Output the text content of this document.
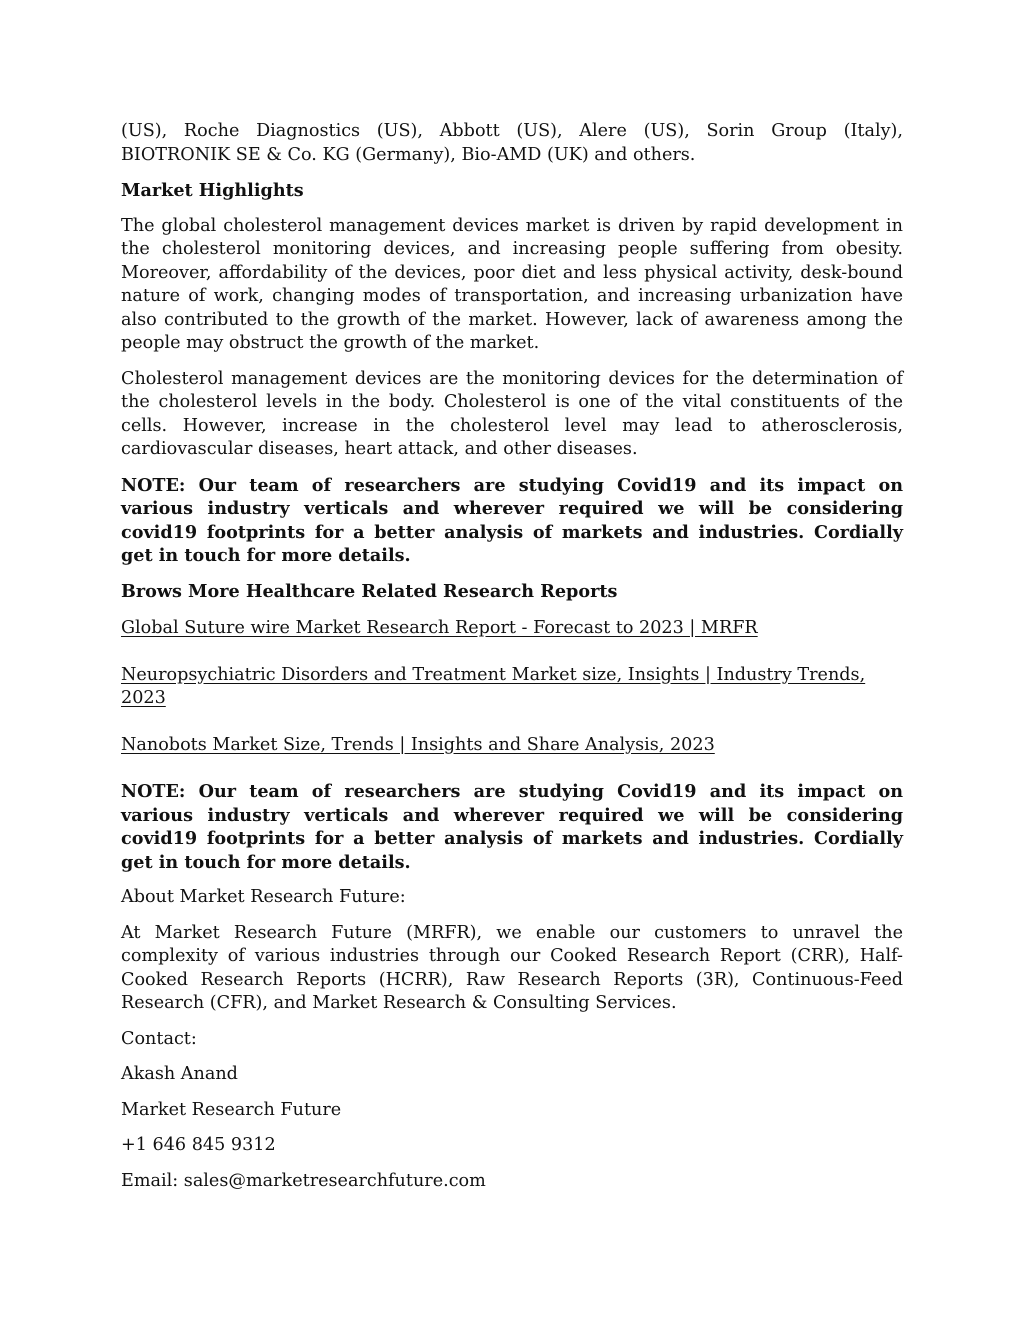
(US), Roche Diagnostics (US), Abbott (US), Alere (US), Sorin Group (Italy), BIOTRONIK SE & Co. KG (Germany), Bio-AMD (UK) and others.

Market Highlights

The global cholesterol management devices market is driven by rapid development in the cholesterol monitoring devices, and increasing people suffering from obesity. Moreover, affordability of the devices, poor diet and less physical activity, desk-bound nature of work, changing modes of transportation, and increasing urbanization have also contributed to the growth of the market. However, lack of awareness among the people may obstruct the growth of the market.

Cholesterol management devices are the monitoring devices for the determination of the cholesterol levels in the body. Cholesterol is one of the vital constituents of the cells. However, increase in the cholesterol level may lead to atherosclerosis, cardiovascular diseases, heart attack, and other diseases.

NOTE: Our team of researchers are studying Covid19 and its impact on various industry verticals and wherever required we will be considering covid19 footprints for a better analysis of markets and industries. Cordially get in touch for more details.

Brows More Healthcare Related Research Reports

Global Suture wire Market Research Report - Forecast to 2023 | MRFR
Neuropsychiatric Disorders and Treatment Market size, Insights | Industry Trends, 2023
Nanobots Market Size, Trends | Insights and Share Analysis, 2023

NOTE: Our team of researchers are studying Covid19 and its impact on various industry verticals and wherever required we will be considering covid19 footprints for a better analysis of markets and industries. Cordially get in touch for more details.

About Market Research Future:

At Market Research Future (MRFR), we enable our customers to unravel the complexity of various industries through our Cooked Research Report (CRR), Half-Cooked Research Reports (HCRR), Raw Research Reports (3R), Continuous-Feed Research (CFR), and Market Research & Consulting Services.

Contact:

Akash Anand

Market Research Future

+1 646 845 9312

Email: sales@marketresearchfuture.com
